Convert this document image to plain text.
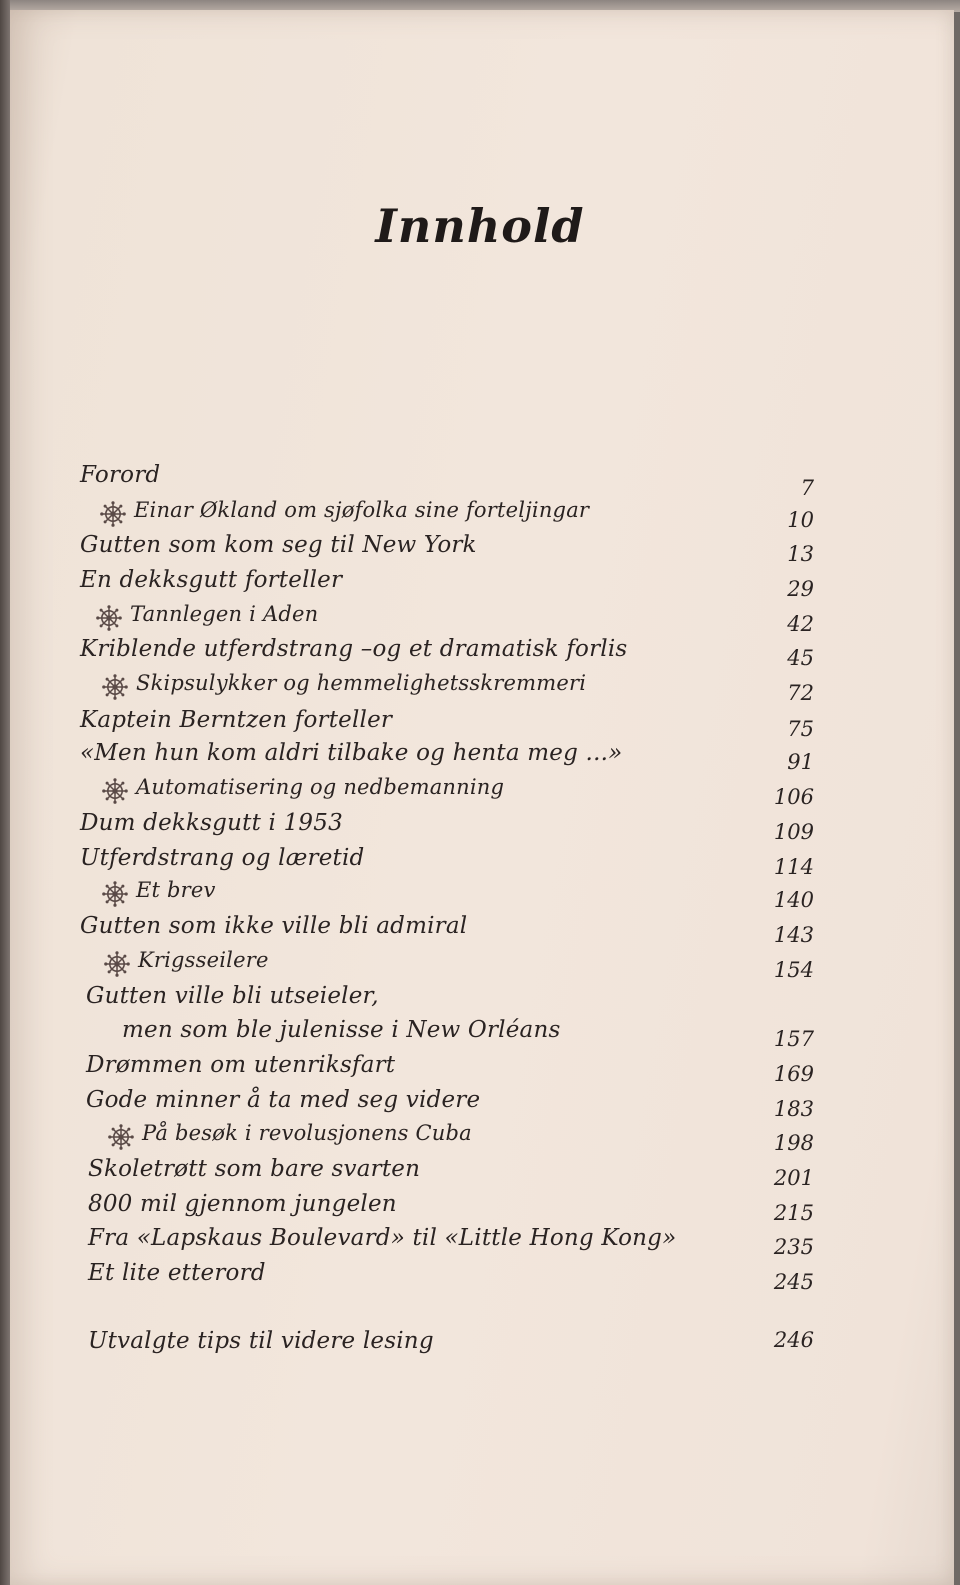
Innhold
Forord	7
Einar Økland om sjøfolka sine forteljingar	10
Gutten som kom seg til New York	13
En dekksgutt forteller	29
Tannlegen i Aden	42
Kriblende utferdstrang –og et dramatisk forlis	45
Skipsulykker og hemmelighetsskremmeri	72
Kaptein Berntzen forteller	75
«Men hun kom aldri tilbake og henta meg ...»	91
Automatisering og nedbemanning	106
Dum dekksgutt i 1953	109
Utferdstrang og læretid	114
Et brev	140
Gutten som ikke ville bli admiral	143
Krigsseilere	154
Gutten ville bli utseieler,
men som ble julenisse i New Orléans	157
Drømmen om utenriksfart	169
Gode minner å ta med seg videre	183
På besøk i revolusjonens Cuba	198
Skoletrøtt som bare svarten	201
800 mil gjennom jungelen	215
Fra «Lapskaus Boulevard» til «Little Hong Kong»	235
Et lite etterord	245
Utvalgte tips til videre lesing	246
